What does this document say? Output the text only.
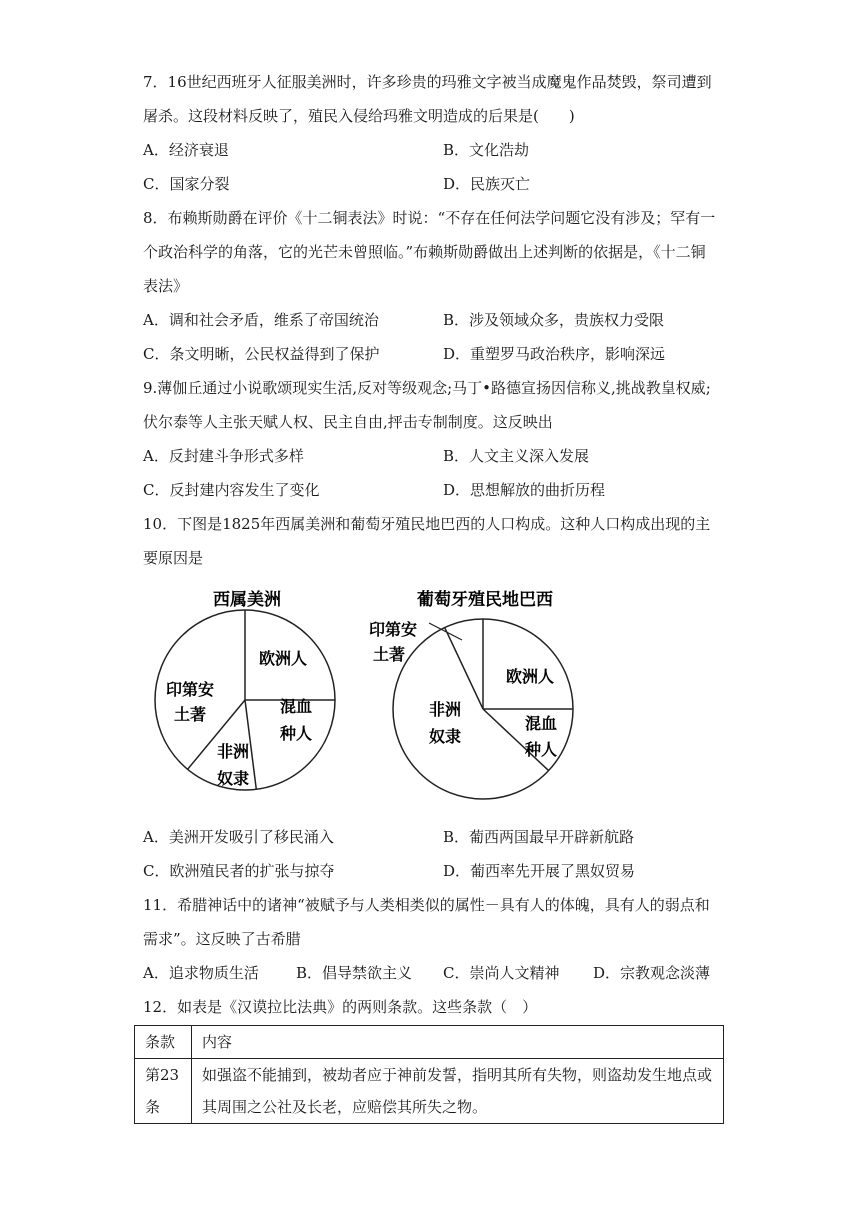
7．16世纪西班牙人征服美洲时，许多珍贵的玛雅文字被当成魔鬼作品焚毁，祭司遭到
屠杀。这段材料反映了，殖民入侵给玛雅文明造成的后果是(　　)
A．经济衰退	B．文化浩劫
C．国家分裂	D．民族灭亡
8．布赖斯勋爵在评价《十二铜表法》时说：“不存在任何法学问题它没有涉及；罕有一
个政治科学的角落，它的光芒未曾照临。”布赖斯勋爵做出上述判断的依据是，《十二铜
表法》
A．调和社会矛盾，维系了帝国统治	B．涉及领域众多，贵族权力受限
C．条文明晰，公民权益得到了保护	D．重塑罗马政治秩序，影响深远
9.薄伽丘通过小说歌颂现实生活,反对等级观念;马丁•路德宣扬因信称义,挑战教皇权威;
伏尔泰等人主张天赋人权、民主自由,抨击专制制度。这反映出
A．反封建斗争形式多样	B．人文主义深入发展
C．反封建内容发生了变化	D．思想解放的曲折历程
10．下图是1825年西属美洲和葡萄牙殖民地巴西的人口构成。这种人口构成出现的主
要原因是
西属美洲
欧洲人
混血
种人
非洲
奴隶
印第安
土著
葡萄牙殖民地巴西
欧洲人
混血
种人
非洲
奴隶
印第安
土著
A．美洲开发吸引了移民涌入	B．葡西两国最早开辟新航路
C．欧洲殖民者的扩张与掠夺	D．葡西率先开展了黑奴贸易
11．希腊神话中的诸神“被赋予与人类相类似的属性－具有人的体魄，具有人的弱点和
需求”。这反映了古希腊
A．追求物质生活 B．倡导禁欲主义 C．崇尚人文精神 D．宗教观念淡薄
12．如表是《汉谟拉比法典》的两则条款。这些条款（　）
条款	内容
第23条	如强盗不能捕到，被劫者应于神前发誓，指明其所有失物，则盗劫发生地点或其周围之公社及长老，应赔偿其所失之物。
